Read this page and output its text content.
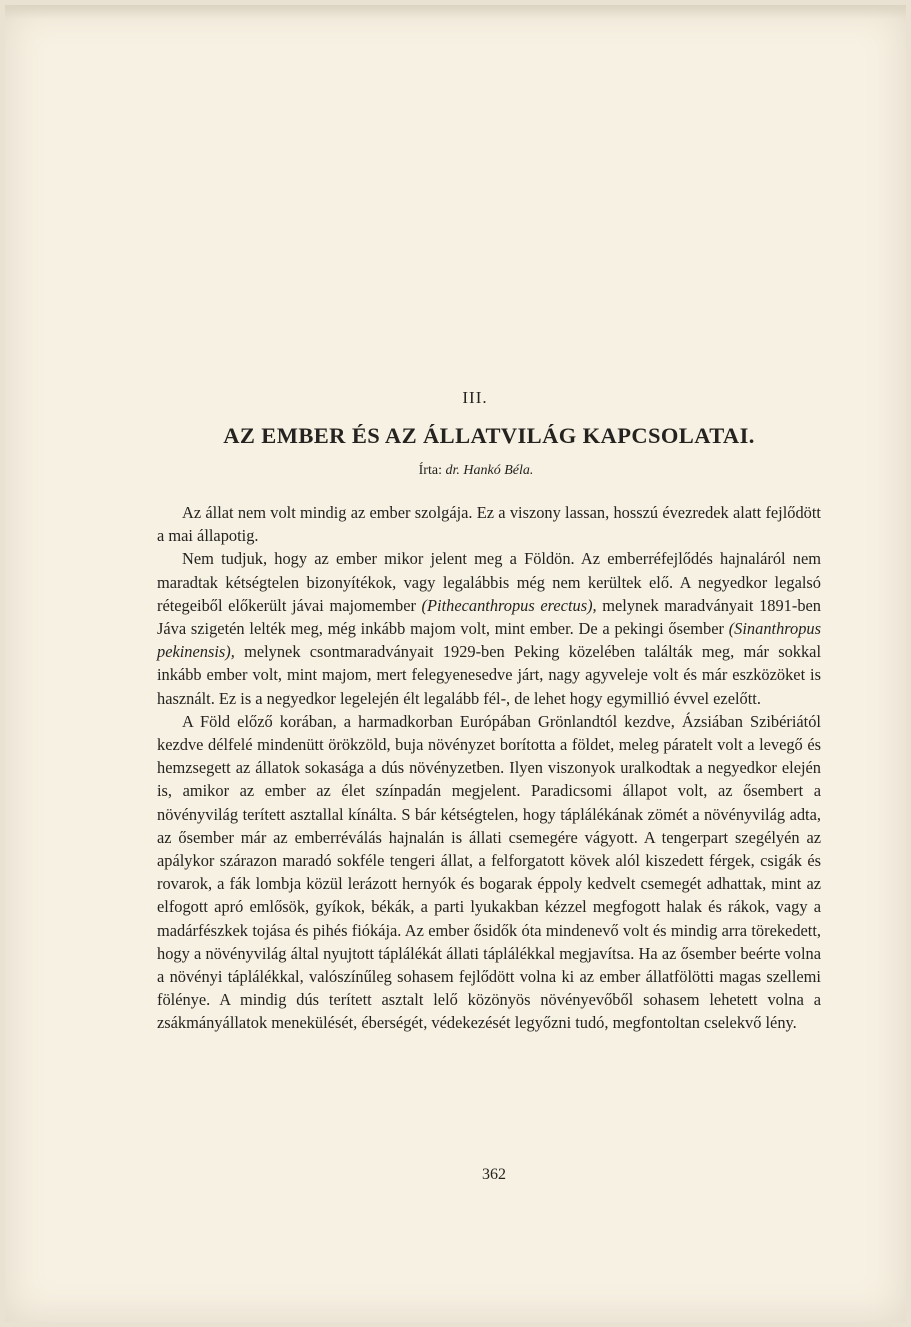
III.
AZ EMBER ÉS AZ ÁLLATVILÁG KAPCSOLATAI.
Írta: dr. Hankó Béla.

Az állat nem volt mindig az ember szolgája. Ez a viszony lassan, hosszú évezredek alatt fejlődött a mai állapotig.

Nem tudjuk, hogy az ember mikor jelent meg a Földön. Az emberréfejlődés hajnaláról nem maradtak kétségtelen bizonyítékok, vagy legalábbis még nem kerültek elő. A negyedkor legalsó rétegeiből előkerült jávai majomember (Pithecanthropus erectus), melynek maradványait 1891-ben Jáva szigetén lelték meg, még inkább majom volt, mint ember. De a pekingi ősember (Sinanthropus pekinensis), melynek csontmaradványait 1929-ben Peking közelében találták meg, már sokkal inkább ember volt, mint majom, mert felegyenesedve járt, nagy agyveleje volt és már eszközöket is használt. Ez is a negyedkor legelején élt legalább fél-, de lehet hogy egymillió évvel ezelőtt.

A Föld előző korában, a harmadkorban Európában Grönlandtól kezdve, Ázsiában Szibériától kezdve délfelé mindenütt örökzöld, buja növényzet borította a földet, meleg páratelt volt a levegő és hemzsegett az állatok sokasága a dús növényzetben. Ilyen viszonyok uralkodtak a negyedkor elején is, amikor az ember az élet színpadán megjelent. Paradicsomi állapot volt, az ősembert a növényvilág terített asztallal kínálta. S bár kétségtelen, hogy táplálékának zömét a növényvilág adta, az ősember már az emberréválás hajnalán is állati csemegére vágyott. A tengerpart szegélyén az apálykor szárazon maradó sokféle tengeri állat, a felforgatott kövek alól kiszedett férgek, csigák és rovarok, a fák lombja közül lerázott hernyók és bogarak éppoly kedvelt csemegét adhattak, mint az elfogott apró emlősök, gyíkok, békák, a parti lyukakban kézzel megfogott halak és rákok, vagy a madárfészkek tojása és pihés fiókája. Az ember ősidők óta mindenevő volt és mindig arra törekedett, hogy a növényvilág által nyujtott táplálékát állati táplálékkal megjavítsa. Ha az ősember beérte volna a növényi táplálékkal, valószínűleg sohasem fejlődött volna ki az ember állatfölötti magas szellemi fölénye. A mindig dús terített asztalt lelő közönyös növényevőből sohasem lehetett volna a zsákmányállatok menekülését, éberségét, védekezését legyőzni tudó, megfontoltan cselekvő lény.

362
